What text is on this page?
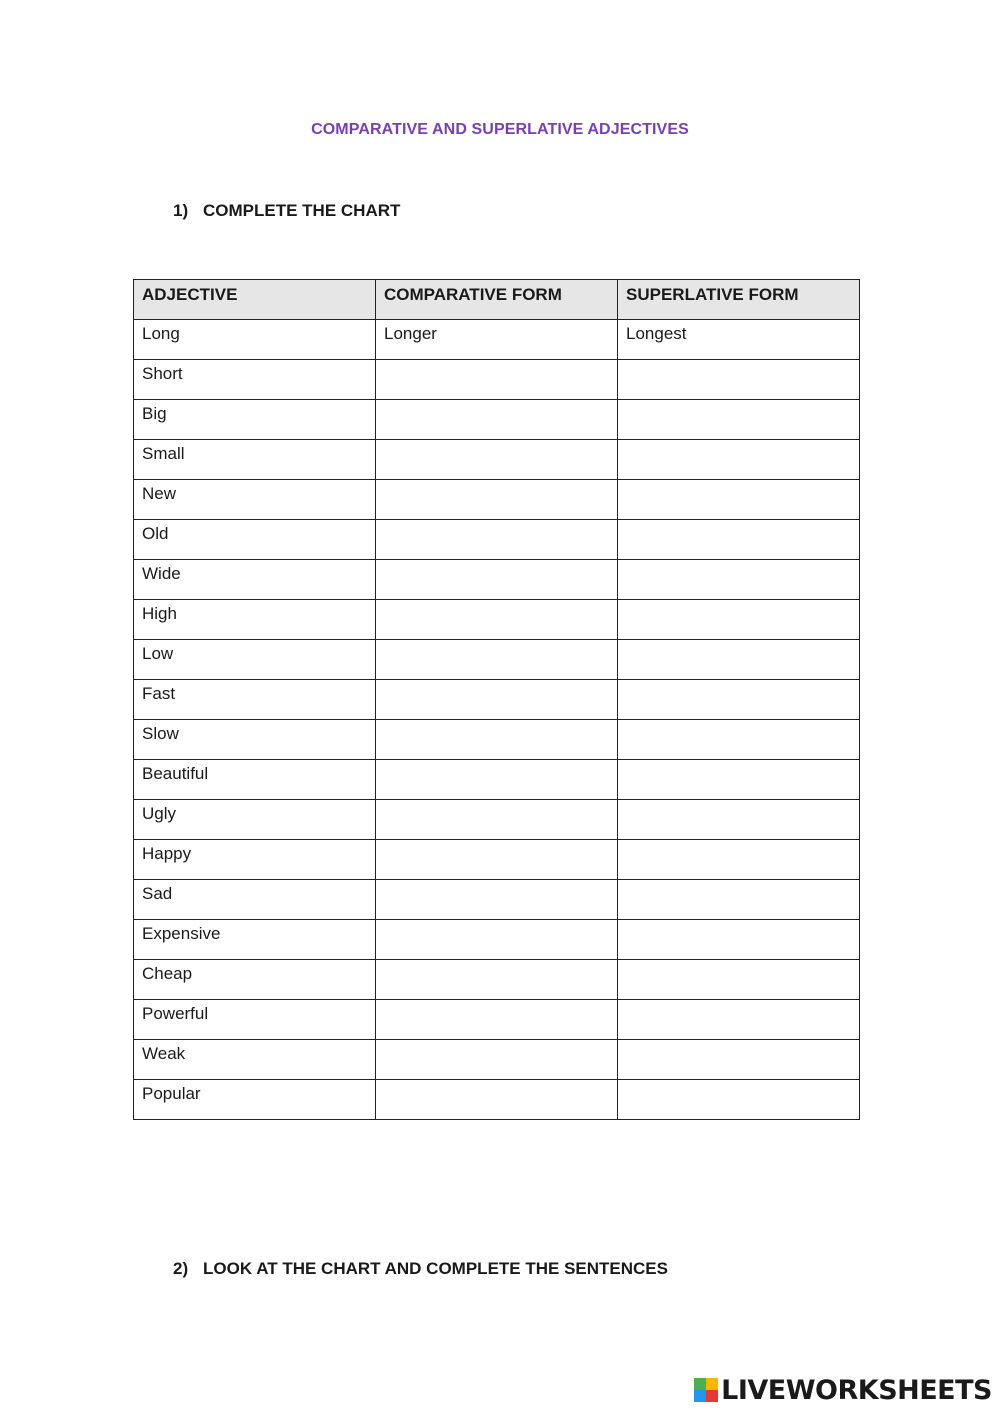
COMPARATIVE AND SUPERLATIVE ADJECTIVES
1) COMPLETE THE CHART
ADJECTIVE	COMPARATIVE FORM	SUPERLATIVE FORM
Long	Longer	Longest
Short		
Big		
Small		
New		
Old		
Wide		
High		
Low		
Fast		
Slow		
Beautiful		
Ugly		
Happy		
Sad		
Expensive		
Cheap		
Powerful		
Weak		
Popular		
2) LOOK AT THE CHART AND COMPLETE THE SENTENCES
LIVEWORKSHEETS
